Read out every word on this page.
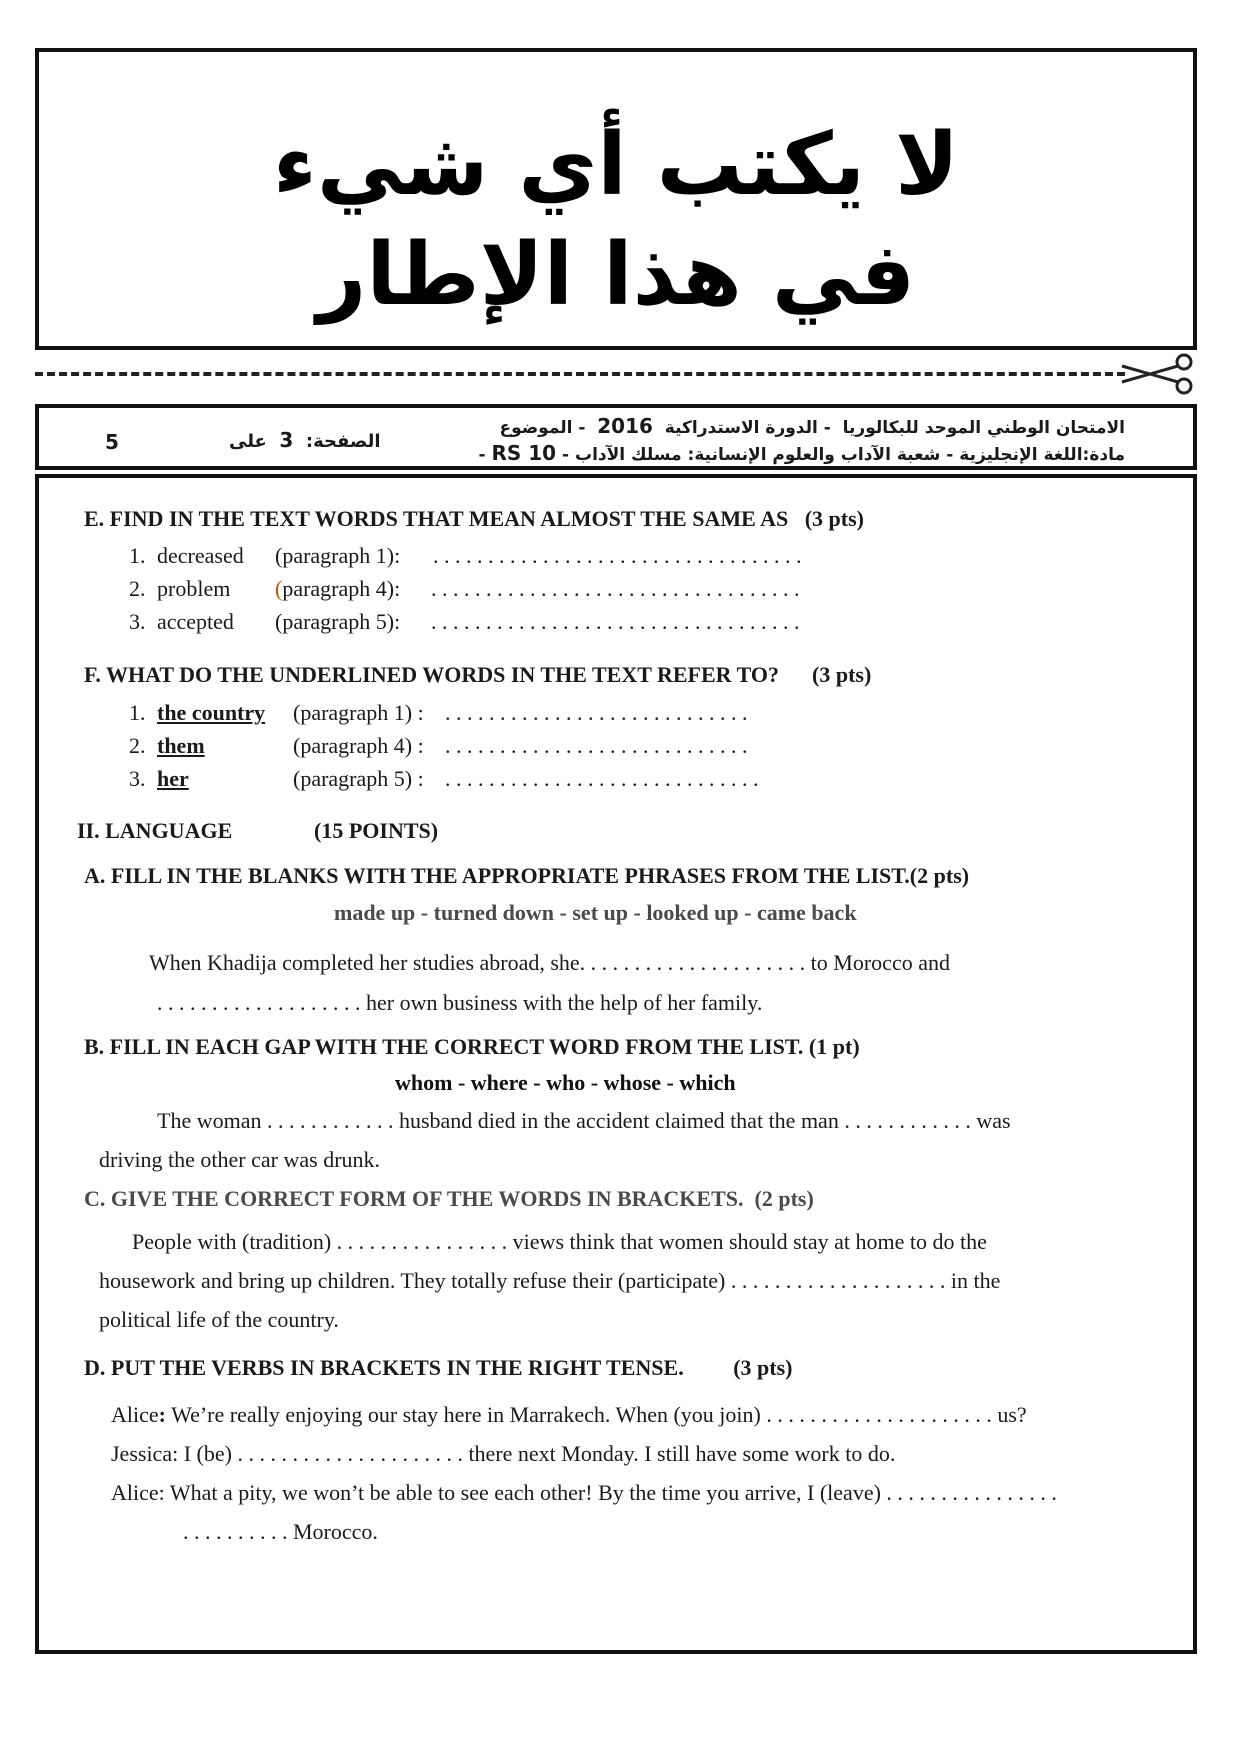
لا يكتب أي شيء
في هذا الإطار
5	الصفحة:  3  على
الامتحان الوطني الموحد للبكالوريا  - الدورة الاستدراكية  2016  - الموضوع
مادة:اللغة الإنجليزية - شعبة الآداب والعلوم الإنسانية: مسلك الآداب - RS 10 -
E. FIND IN THE TEXT WORDS THAT MEAN ALMOST THE SAME AS (3 pts)
1. decreased (paragraph 1): . . . . . . . . . . . . . . . . . . . . . . . . . . . . . . . . . .
2. problem (paragraph 4): . . . . . . . . . . . . . . . . . . . . . . . . . . . . . . . . . .
3. accepted (paragraph 5): . . . . . . . . . . . . . . . . . . . . . . . . . . . . . . . . . .
F. WHAT DO THE UNDERLINED WORDS IN THE TEXT REFER TO? (3 pts)
1. the country (paragraph 1) : . . . . . . . . . . . . . . . . . . . . . . . . . . . .
2. them	(paragraph 4) : . . . . . . . . . . . . . . . . . . . . . . . . . . . .
3. her	(paragraph 5) : . . . . . . . . . . . . . . . . . . . . . . . . . . . . .
II. LANGUAGE	(15 POINTS)
A. FILL IN THE BLANKS WITH THE APPROPRIATE PHRASES FROM THE LIST.(2 pts)
made up - turned down - set up - looked up - came back
When Khadija completed her studies abroad, she. . . . . . . . . . . . . . . . . . . . . to Morocco and
. . . . . . . . . . . . . . . . . . . her own business with the help of her family.
B. FILL IN EACH GAP WITH THE CORRECT WORD FROM THE LIST. (1 pt)
whom - where - who - whose - which
The woman . . . . . . . . . . . . husband died in the accident claimed that the man . . . . . . . . . . . . was
driving the other car was drunk.
C. GIVE THE CORRECT FORM OF THE WORDS IN BRACKETS. (2 pts)
People with (tradition) . . . . . . . . . . . . . . . . views think that women should stay at home to do the
housework and bring up children. They totally refuse their (participate) . . . . . . . . . . . . . . . . . . . . in the
political life of the country.
D. PUT THE VERBS IN BRACKETS IN THE RIGHT TENSE. (3 pts)
Alice: We’re really enjoying our stay here in Marrakech. When (you join) . . . . . . . . . . . . . . . . . . . . . us?
Jessica: I (be) . . . . . . . . . . . . . . . . . . . . . there next Monday. I still have some work to do.
Alice: What a pity, we won’t be able to see each other! By the time you arrive, I (leave) . . . . . . . . . . . . . . . .
. . . . . . . . . . Morocco.
